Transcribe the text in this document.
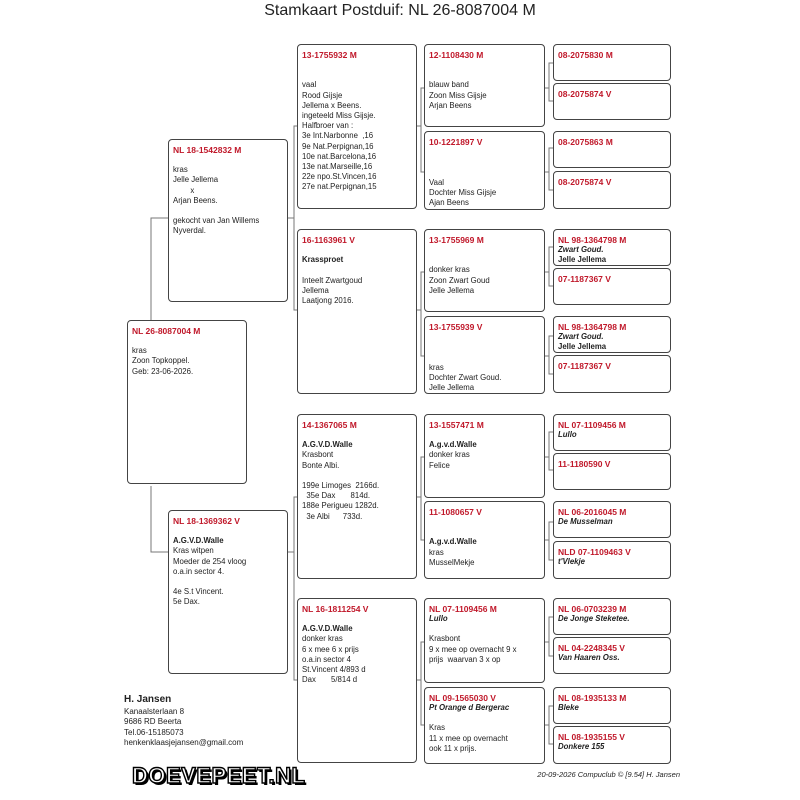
Stamkaart Postduif: NL 26-8087004 M
NL 26-8087004 M
kras
Zoon Topkoppel.
Geb: 23-06-2026.
NL 18-1542832 M
kras
Jelle Jellema
x
Arjan Beens.
gekocht van Jan Willems
Nyverdal.
NL 18-1369362 V
A.G.V.D.Walle
Kras witpen
Moeder de 254 vloog
o.a.in sector 4.
4e S.t Vincent.
5e Dax.
13-1755932 M
vaal
Rood Gijsje
Jellema x Beens.
ingeteeld Miss Gijsje.
Halfbroer van :
3e Int.Narbonne  ,16
9e Nat.Perpignan,16
10e nat.Barcelona,16
13e nat.Marseille,16
22e npo.St.Vincen,16
27e nat.Perpignan,15
16-1163961 V
Krassproet
Inteelt Zwartgoud
Jellema
Laatjong 2016.
14-1367065 M
A.G.V.D.Walle
Krasbont
Bonte Albi.
199e Limoges  2166d.
35e Dax       814d.
188e Perigueu 1282d.
3e Albi      733d.
NL 16-1811254 V
A.G.V.D.Walle
donker kras
6 x mee 6 x prijs
o.a.in sector 4
St.Vincent 4/893 d
Dax       5/814 d
12-1108430 M
blauw band
Zoon Miss Gijsje
Arjan Beens
10-1221897 V
Vaal
Dochter Miss Gijsje
Ajan Beens
13-1755969 M
donker kras
Zoon Zwart Goud
Jelle Jellema
13-1755939 V
kras
Dochter Zwart Goud.
Jelle Jellema
13-1557471 M
A.g.v.d.Walle
donker kras
Felice
11-1080657 V
A.g.v.d.Walle
kras
MusselMekje
NL 07-1109456 M
Lullo
Krasbont
9 x mee op overnacht 9 x
prijs  waarvan 3 x op
NL 09-1565030 V
Pt Orange d Bergerac
Kras
11 x mee op overnacht
ook 11 x prijs.
08-2075830 M
08-2075874 V
08-2075863 M
08-2075874 V
NL 98-1364798 M
Zwart Goud.
Jelle Jellema
07-1187367 V
NL 98-1364798 M
Zwart Goud.
Jelle Jellema
07-1187367 V
NL 07-1109456 M
Lullo
11-1180590 V
NL 06-2016045 M
De Musselman
NLD 07-1109463 V
t'Vlekje
NL 06-0703239 M
De Jonge Steketee.
NL 04-2248345 V
Van Haaren Oss.
NL 08-1935133 M
Bleke
NL 08-1935155 V
Donkere 155
H. Jansen
Kanaalsterlaan 8
9686 RD Beerta
Tel.06-15185073
henkenklaasjejansen@gmail.com
DOEVEPEET.NL	20-09-2026 Compuclub © [9.54] H. Jansen
